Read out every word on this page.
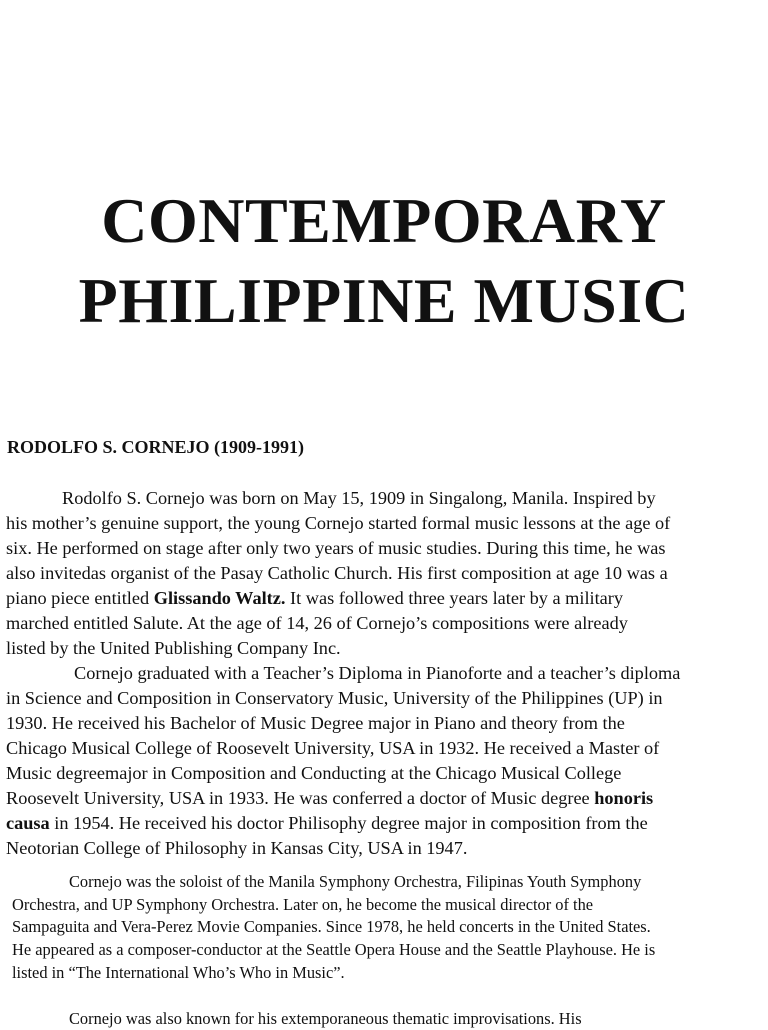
CONTEMPORARY
PHILIPPINE MUSIC
RODOLFO S. CORNEJO (1909-1991)
Rodolfo S. Cornejo was born on May 15, 1909 in Singalong, Manila. Inspired by
his mother’s genuine support, the young Cornejo started formal music lessons at the age of
six. He performed on stage after only two years of music studies. During this time, he was
also invitedas organist of the Pasay Catholic Church. His first composition at age 10 was a
piano piece entitled Glissando Waltz. It was followed three years later by a military
marched entitled Salute. At the age of 14, 26 of Cornejo’s compositions were already
listed by the United Publishing Company Inc.
Cornejo graduated with a Teacher’s Diploma in Pianoforte and a teacher’s diploma
in Science and Composition in Conservatory Music, University of the Philippines (UP) in
1930. He received his Bachelor of Music Degree major in Piano and theory from the
Chicago Musical College of Roosevelt University, USA in 1932. He received a Master of
Music degreemajor in Composition and Conducting at the Chicago Musical College
Roosevelt University, USA in 1933. He was conferred a doctor of Music degree honoris
causa in 1954. He received his doctor Philisophy degree major in composition from the
Neotorian College of Philosophy in Kansas City, USA in 1947.
Cornejo was the soloist of the Manila Symphony Orchestra, Filipinas Youth Symphony
Orchestra, and UP Symphony Orchestra. Later on, he become the musical director of the
Sampaguita and Vera-Perez Movie Companies. Since 1978, he held concerts in the United States.
He appeared as a composer-conductor at the Seattle Opera House and the Seattle Playhouse. He is
listed in “The International Who’s Who in Music”.
Cornejo was also known for his extemporaneous thematic improvisations. His
